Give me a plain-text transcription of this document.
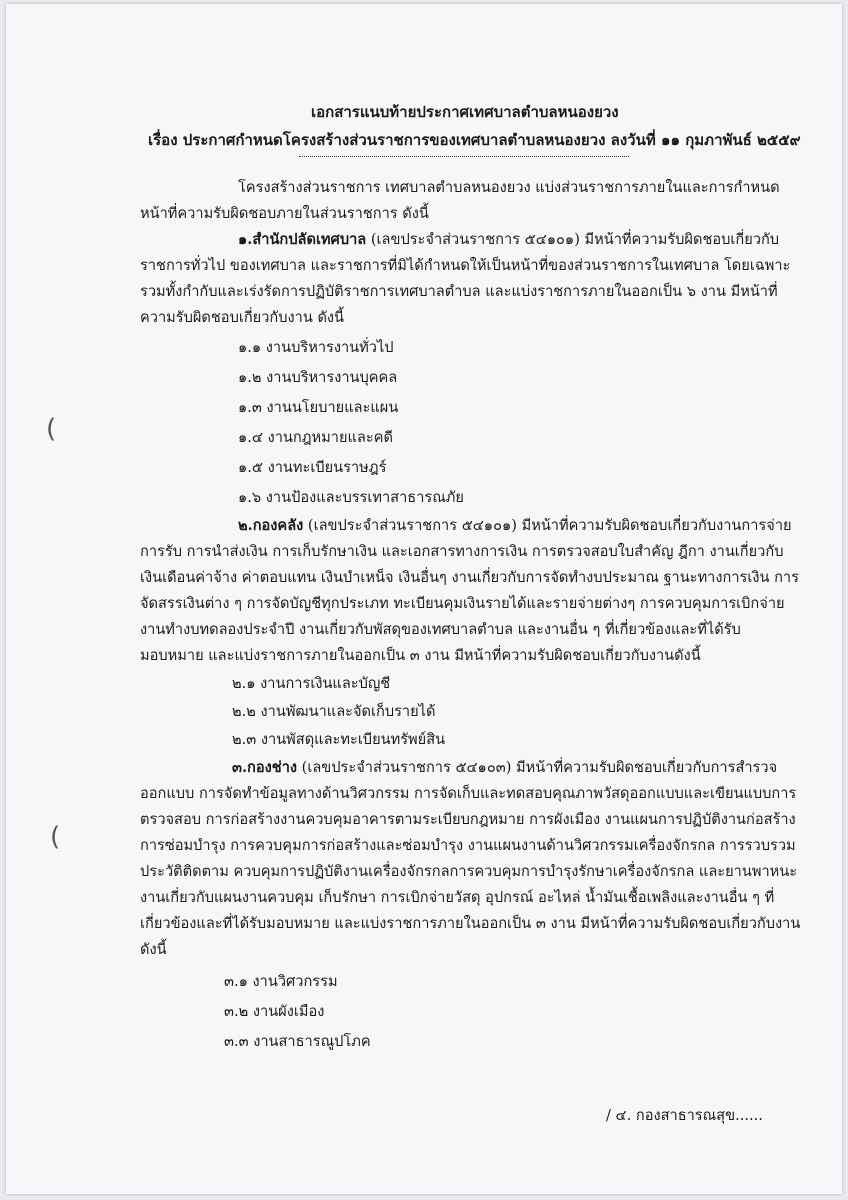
เอกสารแนบท้ายประกาศเทศบาลตำบลหนองยวง
เรื่อง ประกาศกำหนดโครงสร้างส่วนราชการของเทศบาลตำบลหนองยวง ลงวันที่ ๑๑ กุมภาพันธ์ ๒๕๕๙
โครงสร้างส่วนราชการ เทศบาลตำบลหนองยวง แบ่งส่วนราชการภายในและการกำหนด
หน้าที่ความรับผิดชอบภายในส่วนราชการ ดังนี้
๑.สำนักปลัดเทศบาล (เลขประจำส่วนราชการ ๕๔๑๐๑) มีหน้าที่ความรับผิดชอบเกี่ยวกับ
ราชการทั่วไป ของเทศบาล และราชการที่มิได้กำหนดให้เป็นหน้าที่ของส่วนราชการในเทศบาล โดยเฉพาะ
รวมทั้งกำกับและเร่งรัดการปฏิบัติราชการเทศบาลตำบล และแบ่งราชการภายในออกเป็น ๖ งาน มีหน้าที่
ความรับผิดชอบเกี่ยวกับงาน ดังนี้
๑.๑ งานบริหารงานทั่วไป
๑.๒ งานบริหารงานบุคคล
๑.๓ งานนโยบายและแผน
๑.๔ งานกฎหมายและคดี
๑.๕ งานทะเบียนราษฎร์
๑.๖ งานป้องและบรรเทาสาธารณภัย
๒.กองคลัง (เลขประจำส่วนราชการ ๕๔๑๐๑) มีหน้าที่ความรับผิดชอบเกี่ยวกับงานการจ่าย
การรับ การนำส่งเงิน การเก็บรักษาเงิน และเอกสารทางการเงิน การตรวจสอบใบสำคัญ ฎีกา งานเกี่ยวกับ
เงินเดือนค่าจ้าง ค่าตอบแทน เงินบำเหน็จ เงินอื่นๆ งานเกี่ยวกับการจัดทำงบประมาณ ฐานะทางการเงิน การ
จัดสรรเงินต่าง ๆ การจัดบัญชีทุกประเภท ทะเบียนคุมเงินรายได้และรายจ่ายต่างๆ การควบคุมการเบิกจ่าย
งานทำงบทดลองประจำปี งานเกี่ยวกับพัสดุของเทศบาลตำบล และงานอื่น ๆ ที่เกี่ยวข้องและที่ได้รับ
มอบหมาย และแบ่งราชการภายในออกเป็น ๓ งาน มีหน้าที่ความรับผิดชอบเกี่ยวกับงานดังนี้
๒.๑ งานการเงินและบัญชี
๒.๒ งานพัฒนาและจัดเก็บรายได้
๒.๓ งานพัสดุและทะเบียนทรัพย์สิน
๓.กองช่าง (เลขประจำส่วนราชการ ๕๔๑๐๓) มีหน้าที่ความรับผิดชอบเกี่ยวกับการสำรวจ
ออกแบบ การจัดทำข้อมูลทางด้านวิศวกรรม การจัดเก็บและทดสอบคุณภาพวัสดุออกแบบและเขียนแบบการ
ตรวจสอบ การก่อสร้างงานควบคุมอาคารตามระเบียบกฎหมาย การผังเมือง งานแผนการปฏิบัติงานก่อสร้าง
การซ่อมบำรุง การควบคุมการก่อสร้างและซ่อมบำรุง งานแผนงานด้านวิศวกรรมเครื่องจักรกล การรวบรวม
ประวัติติดตาม ควบคุมการปฏิบัติงานเครื่องจักรกลการควบคุมการบำรุงรักษาเครื่องจักรกล และยานพาหนะ
งานเกี่ยวกับแผนงานควบคุม เก็บรักษา การเบิกจ่ายวัสดุ อุปกรณ์ อะไหล่ น้ำมันเชื้อเพลิงและงานอื่น ๆ ที่
เกี่ยวข้องและที่ได้รับมอบหมาย และแบ่งราชการภายในออกเป็น ๓ งาน มีหน้าที่ความรับผิดชอบเกี่ยวกับงาน
ดังนี้
๓.๑ งานวิศวกรรม
๓.๒ งานผังเมือง
๓.๓ งานสาธารณูปโภค
/ ๔. กองสาธารณสุข......
(
(
